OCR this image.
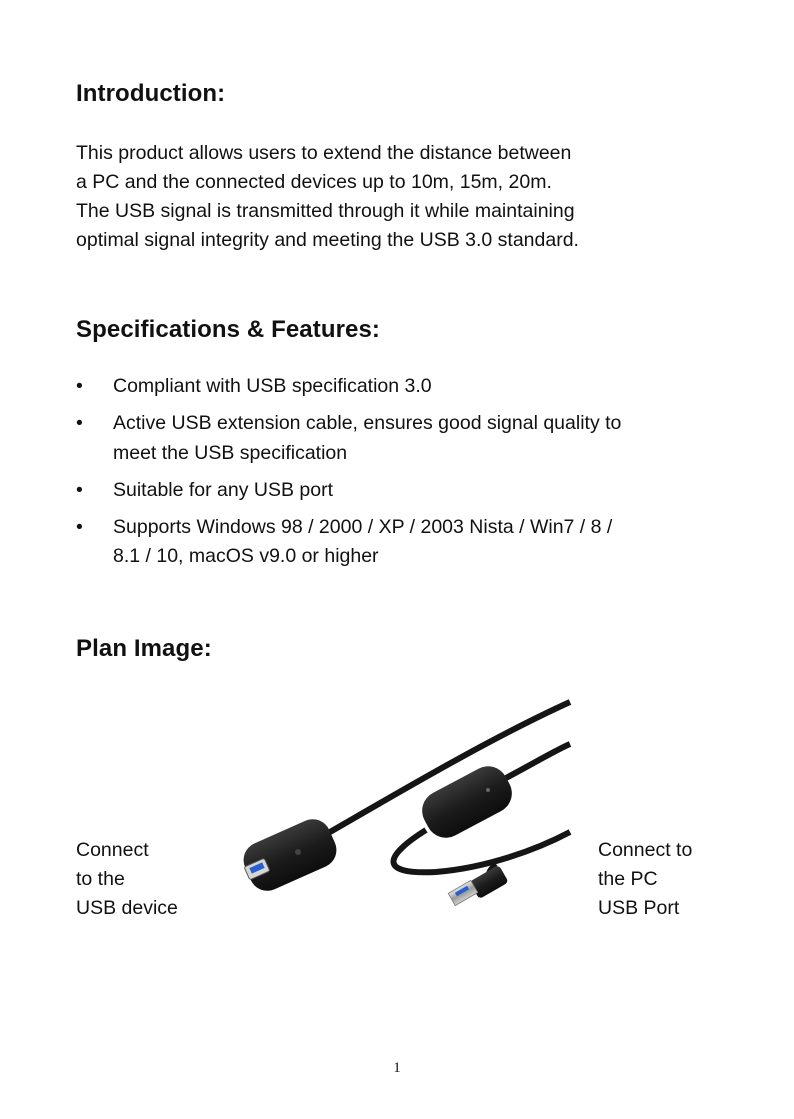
Introduction:

This product allows users to extend the distance between
a PC and the connected devices up to 10m, 15m, 20m.
The USB signal is transmitted through it while maintaining
optimal signal integrity and meeting the USB 3.0 standard.

Specifications & Features:
•	Compliant with USB specification 3.0
•	Active USB extension cable, ensures good signal quality to
meet the USB specification
•	Suitable for any USB port
•	Supports Windows 98 / 2000 / XP / 2003 Nista / Win7 / 8 /
8.1 / 10, macOS v9.0 or higher
Plan Image:
Connect
to the
USB device
Connect to
the PC
USB Port
1
